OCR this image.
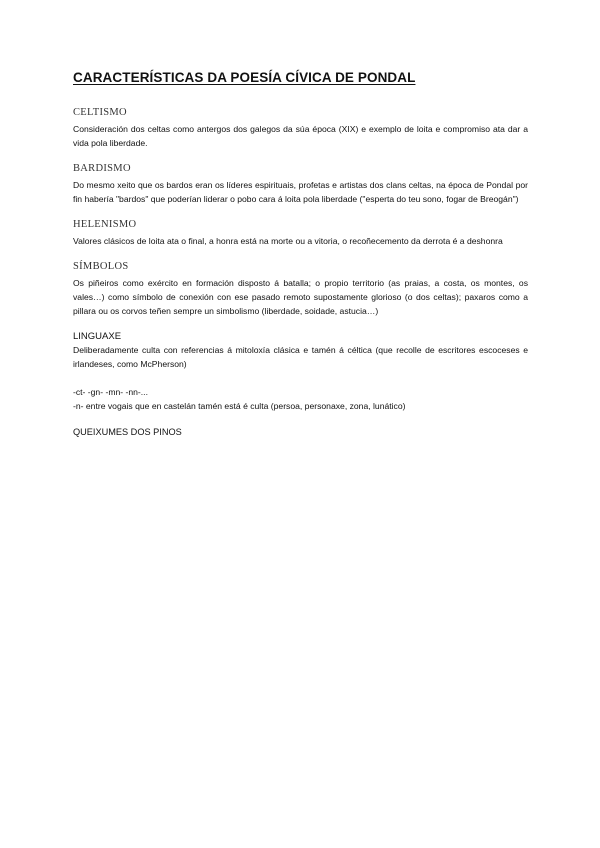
CARACTERÍSTICAS DA POESÍA CÍVICA DE PONDAL
CELTISMO

Consideración dos celtas como antergos dos galegos da súa época (XIX) e exemplo de loita e compromiso ata dar a vida pola liberdade.

BARDISMO

Do mesmo xeito que os bardos eran os líderes espirituais, profetas e artistas dos clans celtas, na época de Pondal por fin habería "bardos" que poderían liderar o pobo cara á loita pola liberdade ("esperta do teu sono, fogar de Breogán")

HELENISMO

Valores clásicos de loita ata o final, a honra está na morte ou a vitoria, o recoñecemento da derrota é a deshonra

SÍMBOLOS

Os piñeiros como exército en formación disposto á batalla; o propio territorio (as praias, a costa, os montes, os vales…) como símbolo de conexión con ese pasado remoto supostamente glorioso (o dos celtas); paxaros como a pillara ou os corvos teñen sempre un simbolismo (liberdade, soidade, astucia…)

LINGUAXE

Deliberadamente culta con referencias á mitoloxía clásica e tamén á céltica (que recolle de escritores escoceses e irlandeses, como McPherson)

-ct- -gn- -mn- -nn-...

-n- entre vogais que en castelán tamén está é culta (persoa, personaxe, zona, lunático)

QUEIXUMES DOS PINOS
